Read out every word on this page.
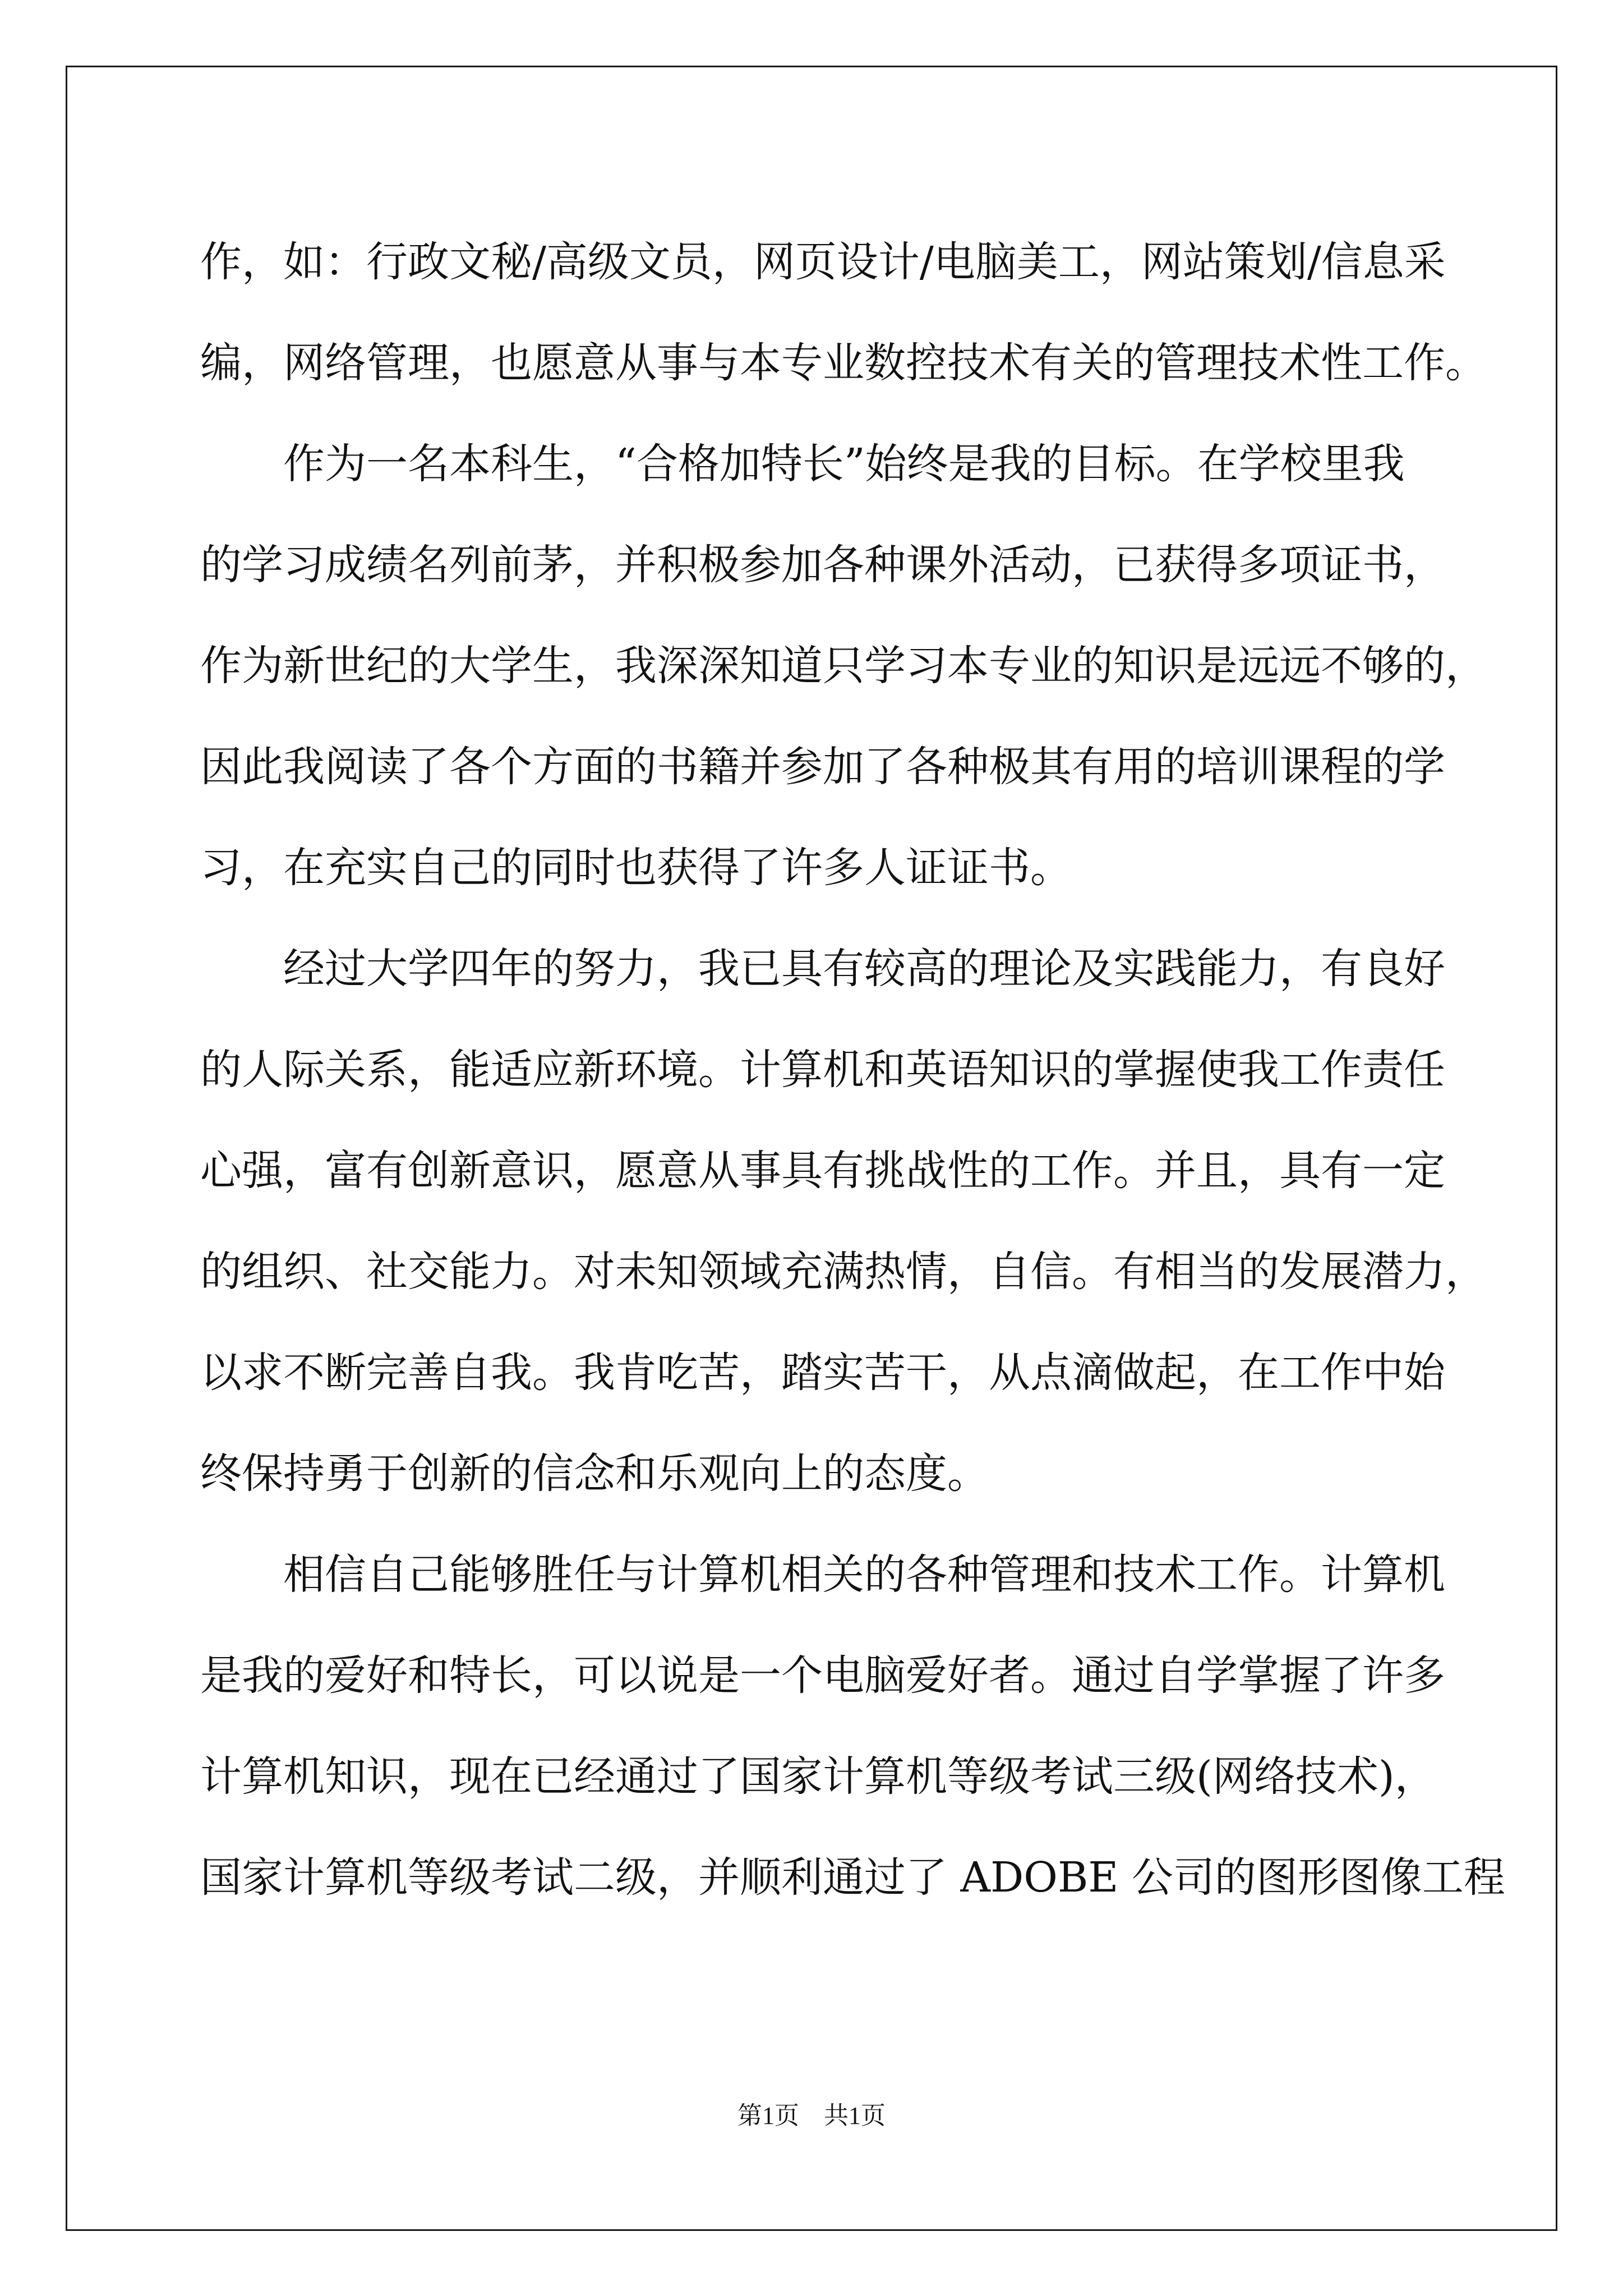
作，如：行政文秘/高级文员，网页设计/电脑美工，网站策划/信息采
编，网络管理，也愿意从事与本专业数控技术有关的管理技术性工作。
　　作为一名本科生，“合格加特长”始终是我的目标。在学校里我
的学习成绩名列前茅，并积极参加各种课外活动，已获得多项证书，
作为新世纪的大学生，我深深知道只学习本专业的知识是远远不够的，
因此我阅读了各个方面的书籍并参加了各种极其有用的培训课程的学
习，在充实自己的同时也获得了许多人证证书。
　　经过大学四年的努力，我已具有较高的理论及实践能力，有良好
的人际关系，能适应新环境。计算机和英语知识的掌握使我工作责任
心强，富有创新意识，愿意从事具有挑战性的工作。并且，具有一定
的组织、社交能力。对未知领域充满热情，自信。有相当的发展潜力，
以求不断完善自我。我肯吃苦，踏实苦干，从点滴做起，在工作中始
终保持勇于创新的信念和乐观向上的态度。
　　相信自己能够胜任与计算机相关的各种管理和技术工作。计算机
是我的爱好和特长，可以说是一个电脑爱好者。通过自学掌握了许多
计算机知识，现在已经通过了国家计算机等级考试三级(网络技术)，
国家计算机等级考试二级，并顺利通过了 ADOBE 公司的图形图像工程
第1页　共1页
